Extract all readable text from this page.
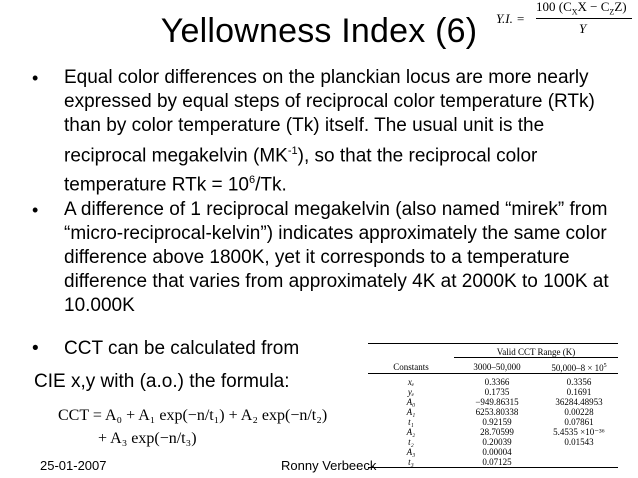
Yellowness Index (6)	Y.I. =
100 $(C_XX - C_ZZ)$
Y
• Equal color differences on the planckian locus are more nearly expressed by equal steps of reciprocal color temperature (RTk) than by color temperature (Tk) itself. The usual unit is the reciprocal megakelvin $(MK^{-1})$, so that the reciprocal color temperature RTk = $10^6/Tk$.
• A difference of 1 reciprocal megakelvin (also named “mirek” from “micro-reciprocal-kelvin”) indicates approximately the same color difference above 1800K, yet it corresponds to a temperature difference that varies from approximately 4K at 2000K to 100K at 10.000K
• CCT can be calculated from
CIE x,y with (a.o.) the formula:
CCT = A₀ + A₁ exp(−n/t₁) + A₂ exp(−n/t₂)
+ A₃ exp(−n/t₃)

	Valid CCT Range (K)	

Constants	3000–50,000	$50,000-8 \times 10^5$

xₑ	0.3366	0.3356
yₑ	0.1735	0.1691
A₀	−949.86315	36284.48953
A₁	6253.80338	0.00228
t₁	0.92159	0.07861
A₂	28.70599	5.4535 ×10⁻³⁶
t₂	0.20039	0.01543
A₃	0.00004	
t₃	0.07125	

25-01-2007	Ronny Verbeeck
